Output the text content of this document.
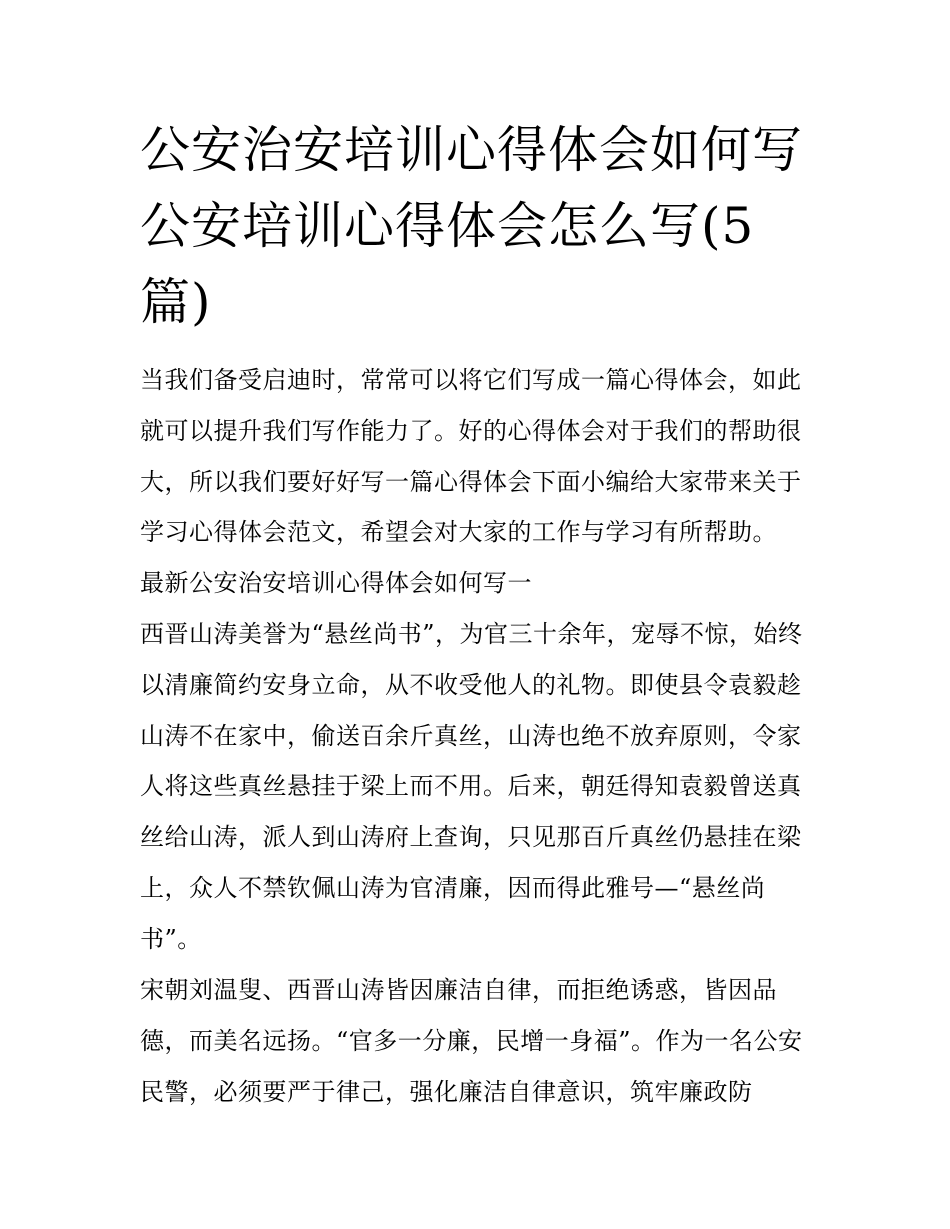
公安治安培训心得体会如何写
公安培训心得体会怎么写(5
篇)
当我们备受启迪时，常常可以将它们写成一篇心得体会，如此
就可以提升我们写作能力了。好的心得体会对于我们的帮助很
大，所以我们要好好写一篇心得体会下面小编给大家带来关于
学习心得体会范文，希望会对大家的工作与学习有所帮助。
最新公安治安培训心得体会如何写一
西晋山涛美誉为“悬丝尚书”，为官三十余年，宠辱不惊，始终
以清廉简约安身立命，从不收受他人的礼物。即使县令袁毅趁
山涛不在家中，偷送百余斤真丝，山涛也绝不放弃原则，令家
人将这些真丝悬挂于梁上而不用。后来，朝廷得知袁毅曾送真
丝给山涛，派人到山涛府上查询，只见那百斤真丝仍悬挂在梁
上，众人不禁钦佩山涛为官清廉，因而得此雅号—“悬丝尚
书”。
宋朝刘温叟、西晋山涛皆因廉洁自律，而拒绝诱惑，皆因品
德，而美名远扬。“官多一分廉，民增一身福”。作为一名公安
民警，必须要严于律己，强化廉洁自律意识，筑牢廉政防
